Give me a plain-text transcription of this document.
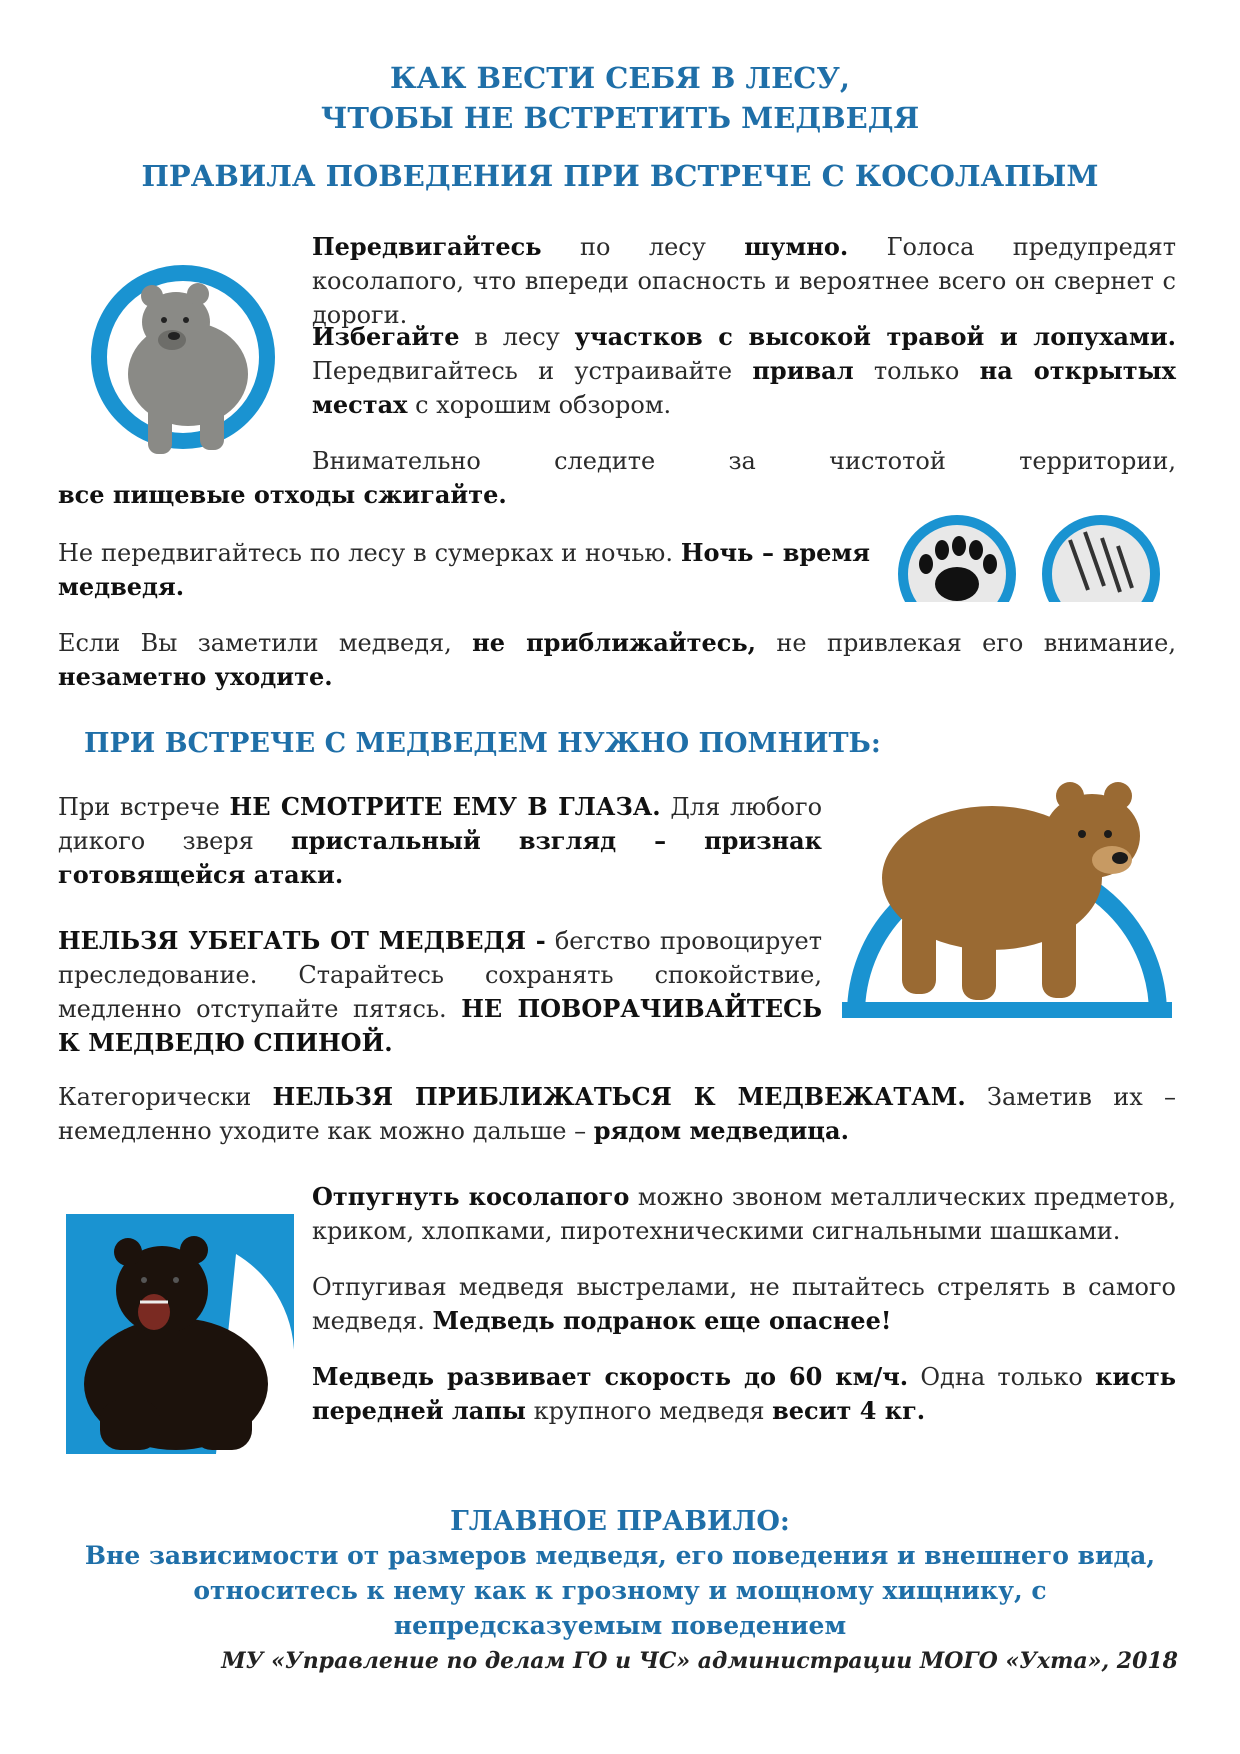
КАК ВЕСТИ СЕБЯ В ЛЕСУ,
ЧТОБЫ НЕ ВСТРЕТИТЬ МЕДВЕДЯ
ПРАВИЛА ПОВЕДЕНИЯ ПРИ ВСТРЕЧЕ С КОСОЛАПЫМ

Передвигайтесь по лесу шумно. Голоса предупредят косолапого, что впереди опасность и вероятнее всего он свернет с дороги.

Избегайте в лесу участков с высокой травой и лопухами. Передвигайтесь и устраивайте привал только на открытых местах с хорошим обзором.

Внимательно следите за чистотой территории,

все пищевые отходы сжигайте.

Не передвигайтесь по лесу в сумерках и ночью. Ночь – время медведя.

Если Вы заметили медведя, не приближайтесь, не привлекая его внимание, незаметно уходите.

ПРИ ВСТРЕЧЕ С МЕДВЕДЕМ НУЖНО ПОМНИТЬ:

При встрече НЕ СМОТРИТЕ ЕМУ В ГЛАЗА. Для любого дикого зверя пристальный взгляд – признак готовящейся атаки.

НЕЛЬЗЯ УБЕГАТЬ ОТ МЕДВЕДЯ - бегство провоцирует преследование. Старайтесь сохранять спокойствие, медленно отступайте пятясь. НЕ ПОВОРАЧИВАЙТЕСЬ К МЕДВЕДЮ СПИНОЙ.

Категорически НЕЛЬЗЯ ПРИБЛИЖАТЬСЯ К МЕДВЕЖАТАМ. Заметив их – немедленно уходите как можно дальше – рядом медведица.

Отпугнуть косолапого можно звоном металлических предметов, криком, хлопками, пиротехническими сигнальными шашками.

Отпугивая медведя выстрелами, не пытайтесь стрелять в самого медведя. Медведь подранок еще опаснее!

Медведь развивает скорость до 60 км/ч. Одна только кисть передней лапы крупного медведя весит 4 кг.

ГЛАВНОЕ ПРАВИЛО:
Вне зависимости от размеров медведя, его поведения и внешнего вида, относитесь к нему как к грозному и мощному хищнику, с непредсказуемым поведением
МУ «Управление по делам ГО и ЧС» администрации МОГО «Ухта», 2018
